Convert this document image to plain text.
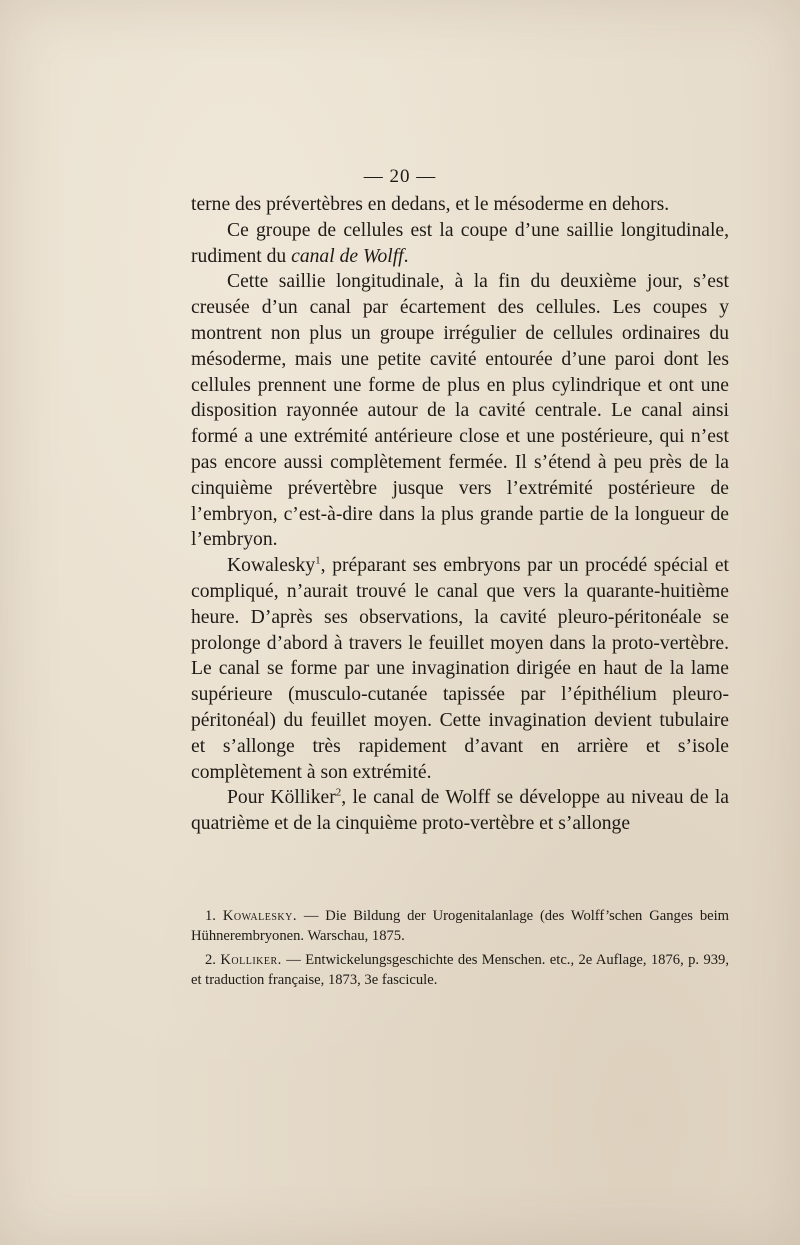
— 20 —

terne des prévertèbres en dedans, et le mésoderme en dehors.

Ce groupe de cellules est la coupe d’une saillie longitudinale, rudiment du canal de Wolff.

Cette saillie longitudinale, à la fin du deuxième jour, s’est creusée d’un canal par écartement des cellules. Les coupes y montrent non plus un groupe irrégulier de cellules ordinaires du mésoderme, mais une petite cavité entourée d’une paroi dont les cellules prennent une forme de plus en plus cylindrique et ont une disposition rayonnée autour de la cavité centrale. Le canal ainsi formé a une extrémité antérieure close et une postérieure, qui n’est pas encore aussi complètement fermée. Il s’étend à peu près de la cinquième prévertèbre jusque vers l’extrémité postérieure de l’embryon, c’est-à-dire dans la plus grande partie de la longueur de l’embryon.

Kowalesky$^1$, préparant ses embryons par un procédé spécial et compliqué, n’aurait trouvé le canal que vers la quarante-huitième heure. D’après ses observations, la cavité pleuro-péritonéale se prolonge d’abord à travers le feuillet moyen dans la proto-vertèbre. Le canal se forme par une invagination dirigée en haut de la lame supérieure (musculo-cutanée tapissée par l’épithélium pleuro-péritonéal) du feuillet moyen. Cette invagination devient tubulaire et s’allonge très rapidement d’avant en arrière et s’isole complètement à son extrémité.

Pour Kölliker$^2$, le canal de Wolff se développe au niveau de la quatrième et de la cinquième proto-vertèbre et s’allonge

1. Kowalesky. — Die Bildung der Urogenitalanlage (des Wolff’schen Ganges beim Hühnerembryonen. Warschau, 1875.

2. Kolliker. — Entwickelungsgeschichte des Menschen. etc., 2e Auflage, 1876, p. 939, et traduction française, 1873, 3e fascicule.
